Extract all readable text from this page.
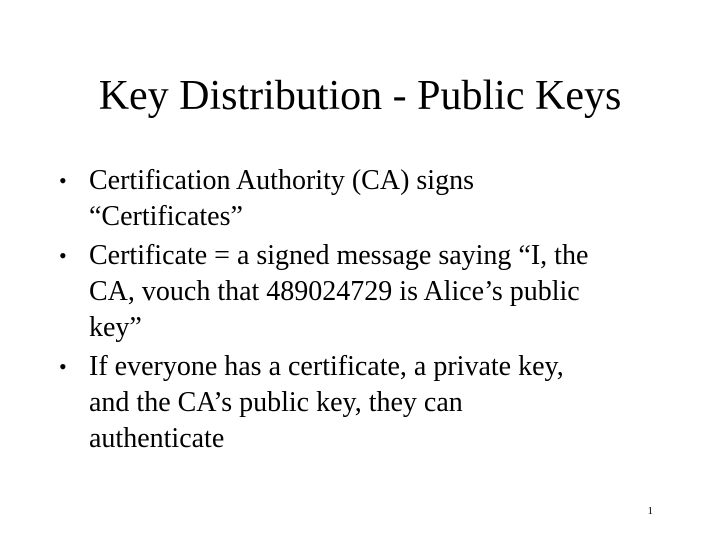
Key Distribution - Public Keys
• Certification Authority (CA) signs
“Certificates”
• Certificate = a signed message saying “I, the
CA, vouch that 489024729 is Alice’s public
key”
• If everyone has a certificate, a private key,
and the CA’s public key, they can
authenticate
1
